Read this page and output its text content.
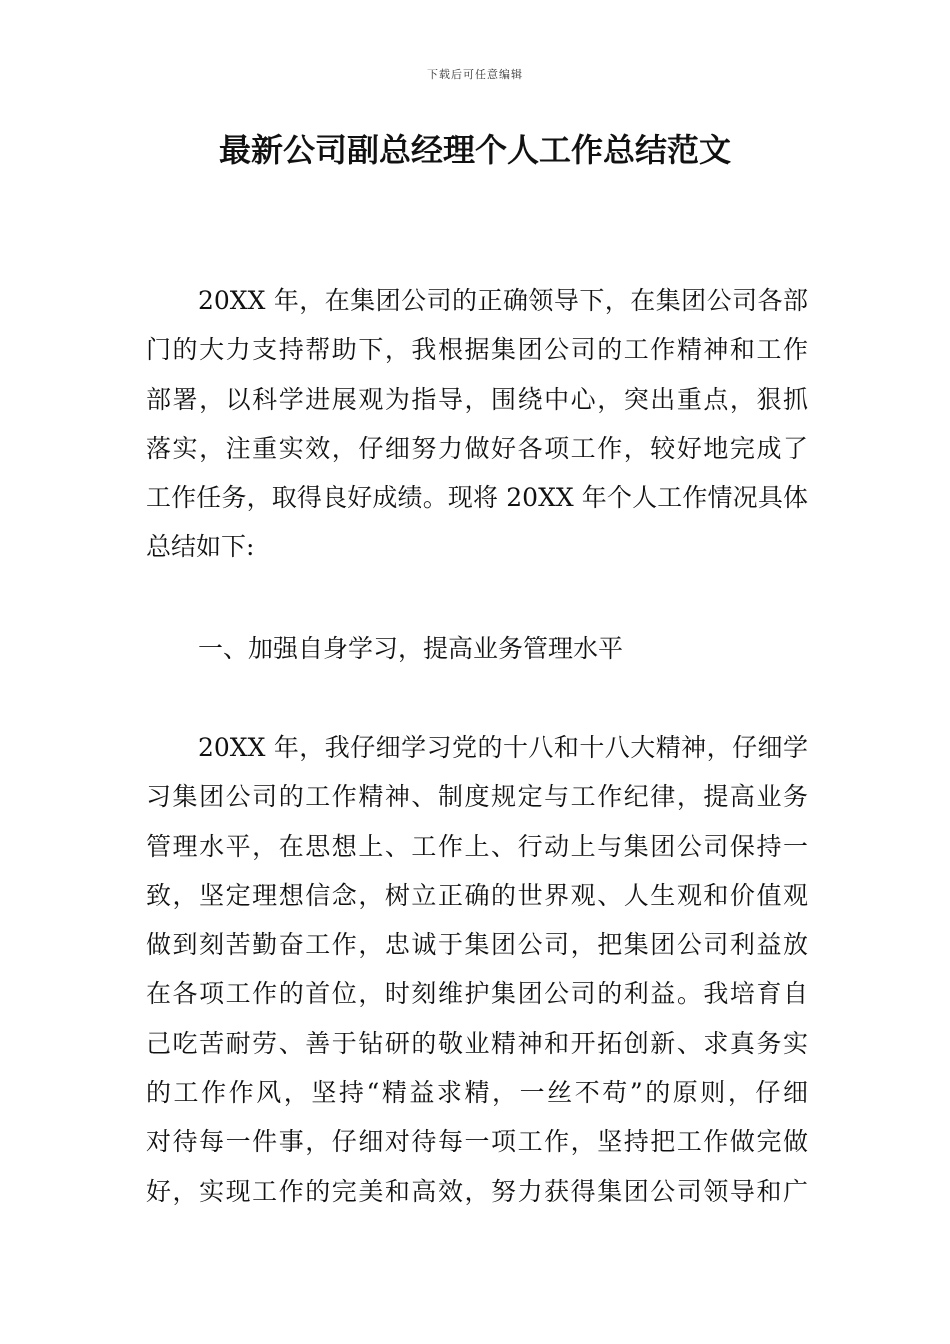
下载后可任意编辑
最新公司副总经理个人工作总结范文
20XX 年，在集团公司的正确领导下，在集团公司各部
门的大力支持帮助下，我根据集团公司的工作精神和工作
部署，以科学进展观为指导，围绕中心，突出重点，狠抓
落实，注重实效，仔细努力做好各项工作，较好地完成了
工作任务，取得良好成绩。现将 20XX 年个人工作情况具体
总结如下:
一、加强自身学习，提高业务管理水平
20XX 年，我仔细学习党的十八和十八大精神，仔细学
习集团公司的工作精神、制度规定与工作纪律，提高业务
管理水平，在思想上、工作上、行动上与集团公司保持一
致，坚定理想信念，树立正确的世界观、人生观和价值观
做到刻苦勤奋工作，忠诚于集团公司，把集团公司利益放
在各项工作的首位，时刻维护集团公司的利益。我培育自
己吃苦耐劳、善于钻研的敬业精神和开拓创新、求真务实
的工作作风，坚持“精益求精，一丝不苟”的原则，仔细
对待每一件事，仔细对待每一项工作，坚持把工作做完做
好，实现工作的完美和高效，努力获得集团公司领导和广
